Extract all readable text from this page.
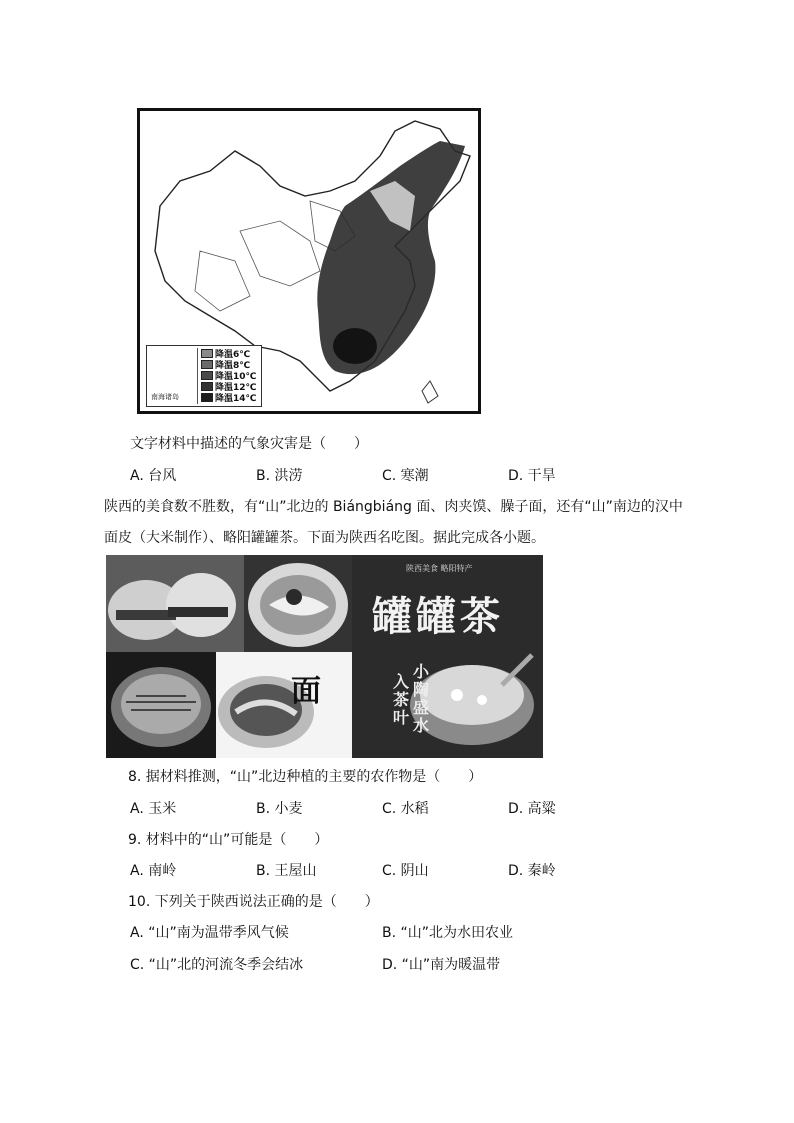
南海诸岛
降温6℃
降温8℃
降温10℃
降温12℃
降温14℃
文字材料中描述的气象灾害是（　　）
A. 台风	B. 洪涝	C. 寒潮	D. 干旱
陕西的美食数不胜数，有“山”北边的 Biángbiáng 面、肉夹馍、臊子面，还有“山”南边的汉中
面皮（大米制作）、略阳罐罐茶。下面为陕西名吃图。据此完成各小题。
面
陕西美食 略阳特产
罐罐茶
入茶叶
小陶盛水
8. 据材料推测，“山”北边种植的主要的农作物是（　　）
A. 玉米	B. 小麦	C. 水稻	D. 高粱
9. 材料中的“山”可能是（　　）
A. 南岭	B. 王屋山	C. 阴山	D. 秦岭
10. 下列关于陕西说法正确的是（　　）
A. “山”南为温带季风气候	B. “山”北为水田农业
C. “山”北的河流冬季会结冰	D. “山”南为暖温带
